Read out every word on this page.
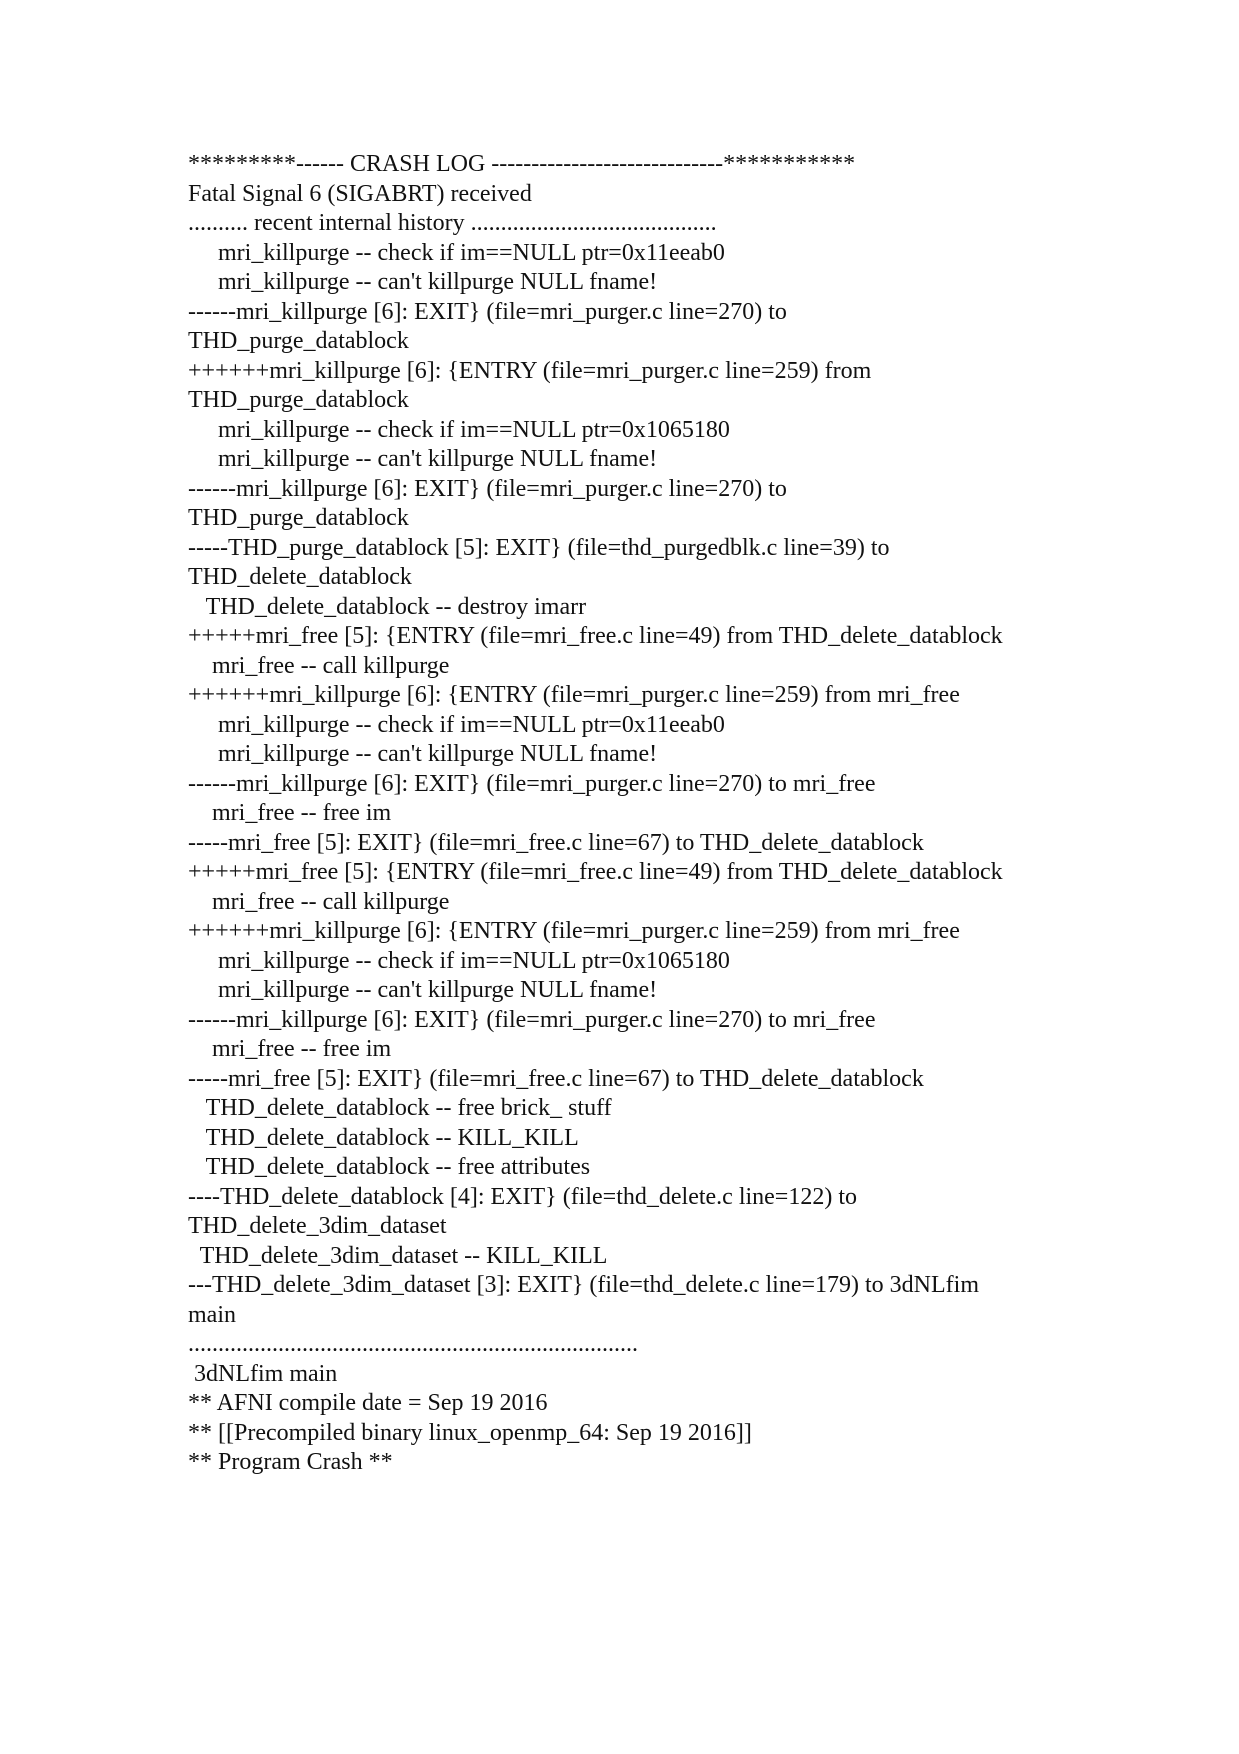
*********------ CRASH LOG -----------------------------***********
Fatal Signal 6 (SIGABRT) received
.......... recent internal history .........................................
mri_killpurge -- check if im==NULL ptr=0x11eeab0
mri_killpurge -- can't killpurge NULL fname!
------mri_killpurge [6]: EXIT} (file=mri_purger.c line=270) to
THD_purge_datablock
++++++mri_killpurge [6]: {ENTRY (file=mri_purger.c line=259) from
THD_purge_datablock
mri_killpurge -- check if im==NULL ptr=0x1065180
mri_killpurge -- can't killpurge NULL fname!
------mri_killpurge [6]: EXIT} (file=mri_purger.c line=270) to
THD_purge_datablock
-----THD_purge_datablock [5]: EXIT} (file=thd_purgedblk.c line=39) to
THD_delete_datablock
THD_delete_datablock -- destroy imarr
+++++mri_free [5]: {ENTRY (file=mri_free.c line=49) from THD_delete_datablock
mri_free -- call killpurge
++++++mri_killpurge [6]: {ENTRY (file=mri_purger.c line=259) from mri_free
mri_killpurge -- check if im==NULL ptr=0x11eeab0
mri_killpurge -- can't killpurge NULL fname!
------mri_killpurge [6]: EXIT} (file=mri_purger.c line=270) to mri_free
mri_free -- free im
-----mri_free [5]: EXIT} (file=mri_free.c line=67) to THD_delete_datablock
+++++mri_free [5]: {ENTRY (file=mri_free.c line=49) from THD_delete_datablock
mri_free -- call killpurge
++++++mri_killpurge [6]: {ENTRY (file=mri_purger.c line=259) from mri_free
mri_killpurge -- check if im==NULL ptr=0x1065180
mri_killpurge -- can't killpurge NULL fname!
------mri_killpurge [6]: EXIT} (file=mri_purger.c line=270) to mri_free
mri_free -- free im
-----mri_free [5]: EXIT} (file=mri_free.c line=67) to THD_delete_datablock
THD_delete_datablock -- free brick_ stuff
THD_delete_datablock -- KILL_KILL
THD_delete_datablock -- free attributes
----THD_delete_datablock [4]: EXIT} (file=thd_delete.c line=122) to
THD_delete_3dim_dataset
THD_delete_3dim_dataset -- KILL_KILL
---THD_delete_3dim_dataset [3]: EXIT} (file=thd_delete.c line=179) to 3dNLfim
main
...........................................................................
3dNLfim main
** AFNI compile date = Sep 19 2016
** [[Precompiled binary linux_openmp_64: Sep 19 2016]]
** Program Crash **
